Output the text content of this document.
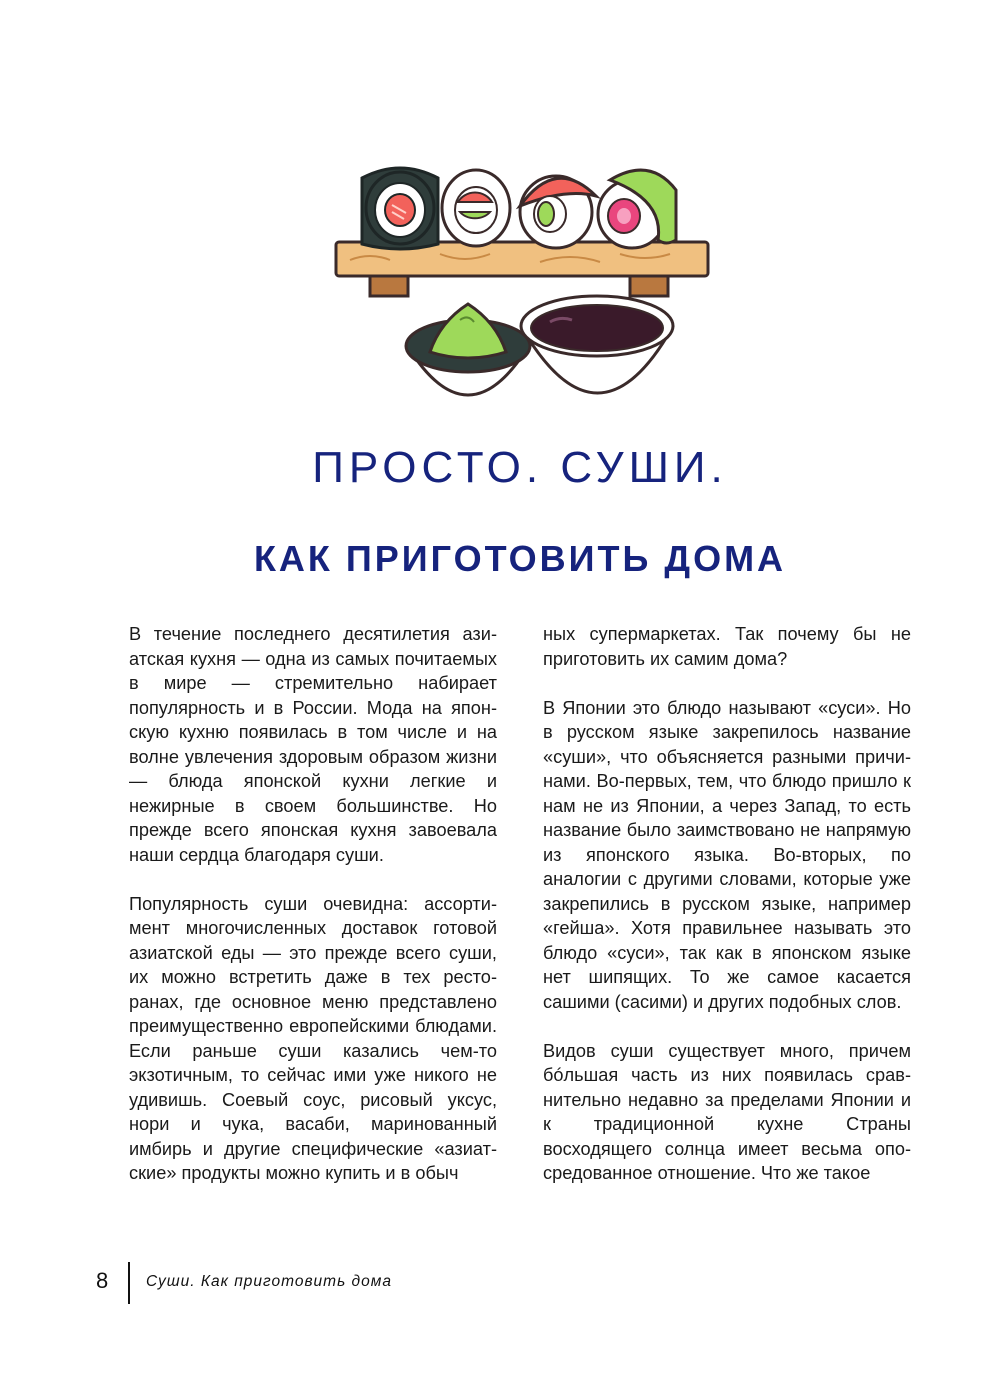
ПРОСТО. СУШИ.
КАК ПРИГОТОВИТЬ ДОМА

В течение последнего десятилетия азиатская кухня — одна из самых почитаемых в мире — стремительно набирает популярность и в России. Мода на японскую кухню появилась в том числе и на волне увлечения здоровым образом жизни — блюда японской кухни легкие и нежирные в своем большинстве. Но прежде всего японская кухня завоевала наши сердца благодаря суши.

Популярность суши очевидна: ассортимент многочисленных доставок готовой азиатской еды — это прежде всего суши, их можно встретить даже в тех ресторанах, где основное меню представлено преимущественно европейскими блюдами. Если раньше суши казались чем-то экзотичным, то сейчас ими уже никого не удивишь. Соевый соус, рисовый уксус, нори и чука, васаби, маринованный имбирь и другие специфические «азиатские» продукты можно купить и в обыч

ных супермаркетах. Так почему бы не приготовить их самим дома?

В Японии это блюдо называют «суси». Но в русском языке закрепилось название «суши», что объясняется разными причинами. Во-первых, тем, что блюдо пришло к нам не из Японии, а через Запад, то есть название было заимствовано не напрямую из японского языка. Во-вторых, по аналогии с другими словами, которые уже закрепились в русском языке, например «гейша». Хотя правильнее называть это блюдо «суси», так как в японском языке нет шипящих. То же самое касается сашими (сасими) и других подобных слов.

Видов суши существует много, причем бóльшая часть из них появилась сравнительно недавно за пределами Японии и к традиционной кухне Страны восходящего солнца имеет весьма опосредованное отношение. Что же такое

8 Суши. Как приготовить дома
